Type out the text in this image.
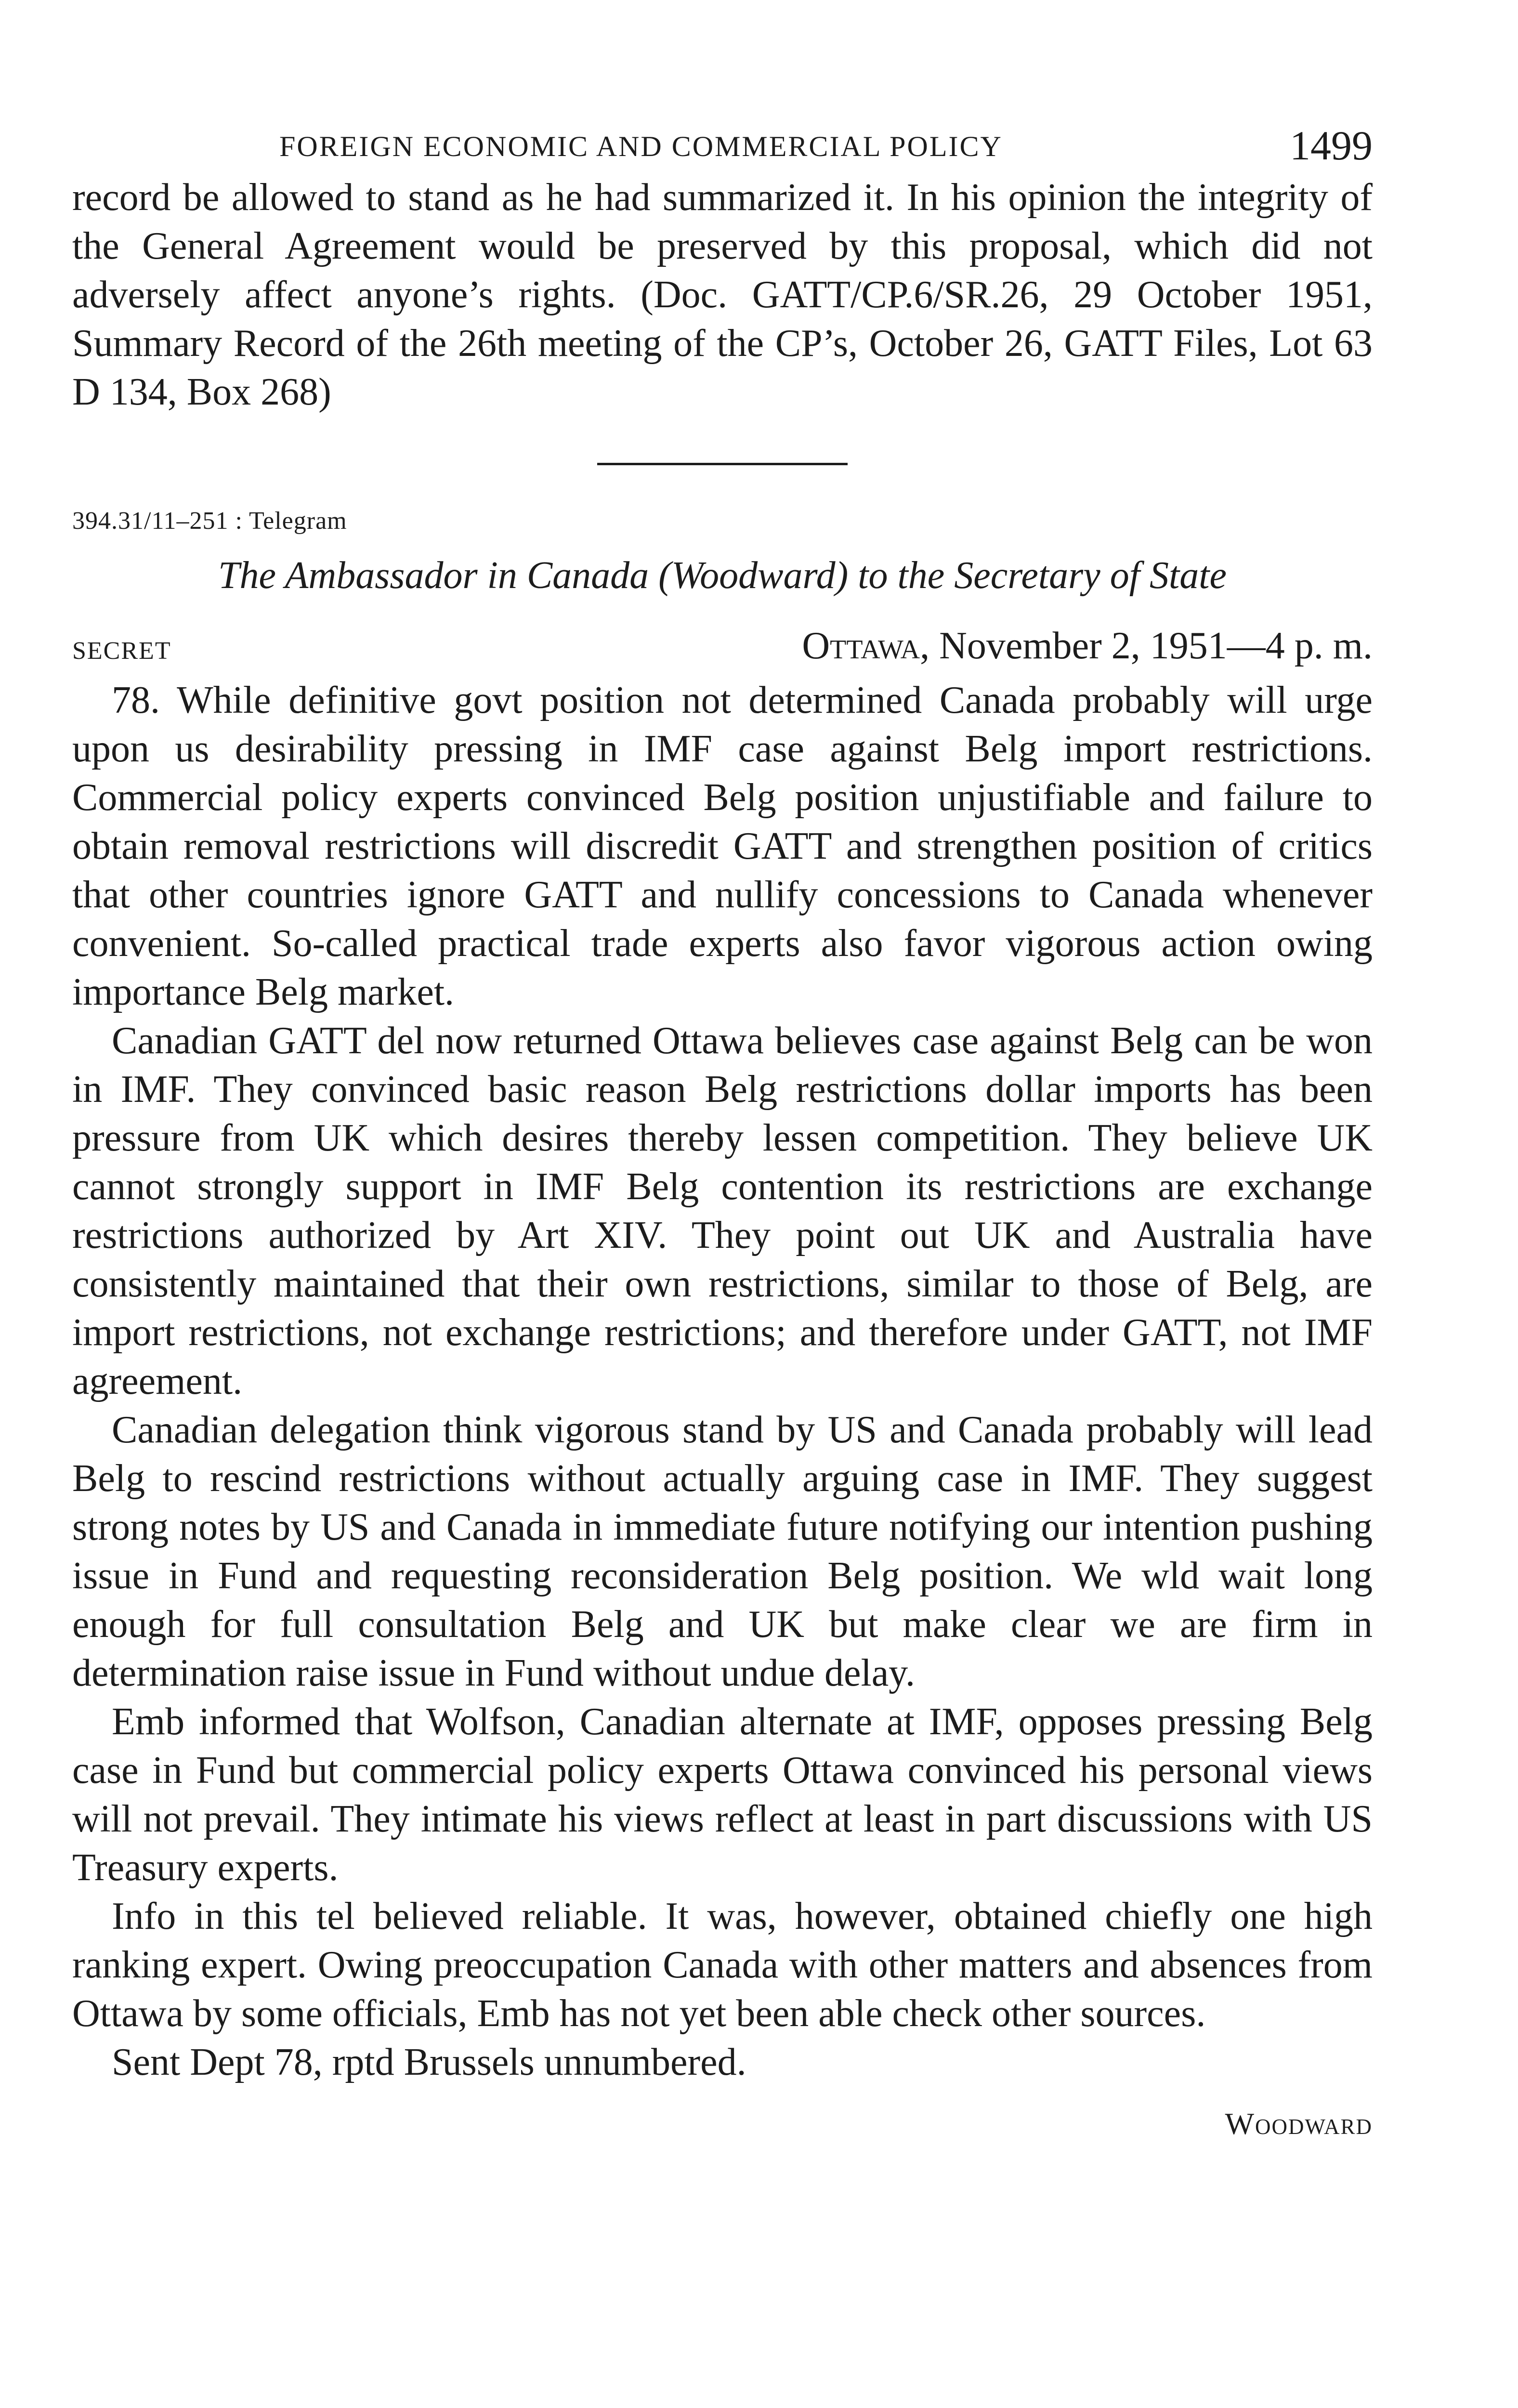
FOREIGN ECONOMIC AND COMMERCIAL POLICY	1499

record be allowed to stand as he had summarized it. In his opinion the integrity of the General Agreement would be preserved by this proposal, which did not adversely affect anyone’s rights. (Doc. GATT/CP.6/SR.26, 29 October 1951, Summary Record of the 26th meeting of the CP’s, October 26, GATT Files, Lot 63 D 134, Box 268)

394.31/11–251 : Telegram
The Ambassador in Canada (Woodward) to the Secretary of State
SECRET	Ottawa, November 2, 1951—4 p. m.

78. While definitive govt position not determined Canada probably will urge upon us desirability pressing in IMF case against Belg import restrictions. Commercial policy experts convinced Belg position unjustifiable and failure to obtain removal restrictions will discredit GATT and strengthen position of critics that other countries ignore GATT and nullify concessions to Canada whenever convenient. So-called practical trade experts also favor vigorous action owing importance Belg market.

Canadian GATT del now returned Ottawa believes case against Belg can be won in IMF. They convinced basic reason Belg restrictions dollar imports has been pressure from UK which desires thereby lessen competition. They believe UK cannot strongly support in IMF Belg contention its restrictions are exchange restrictions authorized by Art XIV. They point out UK and Australia have consistently maintained that their own restrictions, similar to those of Belg, are import restrictions, not exchange restrictions; and therefore under GATT, not IMF agreement.

Canadian delegation think vigorous stand by US and Canada probably will lead Belg to rescind restrictions without actually arguing case in IMF. They suggest strong notes by US and Canada in immediate future notifying our intention pushing issue in Fund and requesting reconsideration Belg position. We wld wait long enough for full consultation Belg and UK but make clear we are firm in determination raise issue in Fund without undue delay.

Emb informed that Wolfson, Canadian alternate at IMF, opposes pressing Belg case in Fund but commercial policy experts Ottawa convinced his personal views will not prevail. They intimate his views reflect at least in part discussions with US Treasury experts.

Info in this tel believed reliable. It was, however, obtained chiefly one high ranking expert. Owing preoccupation Canada with other matters and absences from Ottawa by some officials, Emb has not yet been able check other sources.

Sent Dept 78, rptd Brussels unnumbered.

Woodward
